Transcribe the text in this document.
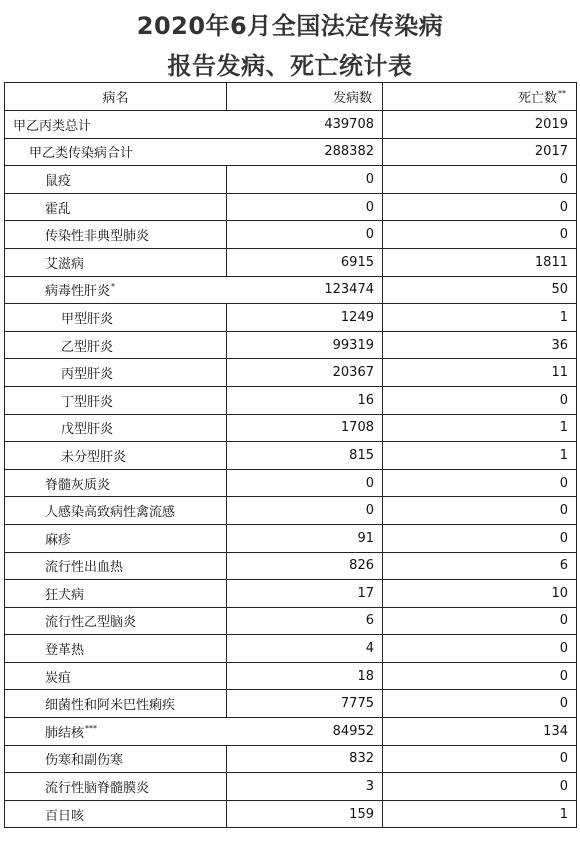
2020年6月全国法定传染病
报告发病、死亡统计表
病名	发病数	死亡数**
甲乙丙类总计	439708	2019
甲乙类传染病合计	288382	2017
鼠疫	0	0
霍乱	0	0
传染性非典型肺炎	0	0
艾滋病	6915	1811
病毒性肝炎*	123474	50
甲型肝炎	1249	1
乙型肝炎	99319	36
丙型肝炎	20367	11
丁型肝炎	16	0
戊型肝炎	1708	1
未分型肝炎	815	1
脊髓灰质炎	0	0
人感染高致病性禽流感	0	0
麻疹	91	0
流行性出血热	826	6
狂犬病	17	10
流行性乙型脑炎	6	0
登革热	4	0
炭疽	18	0
细菌性和阿米巴性痢疾	7775	0
肺结核***	84952	134
伤寒和副伤寒	832	0
流行性脑脊髓膜炎	3	0
百日咳	159	1
